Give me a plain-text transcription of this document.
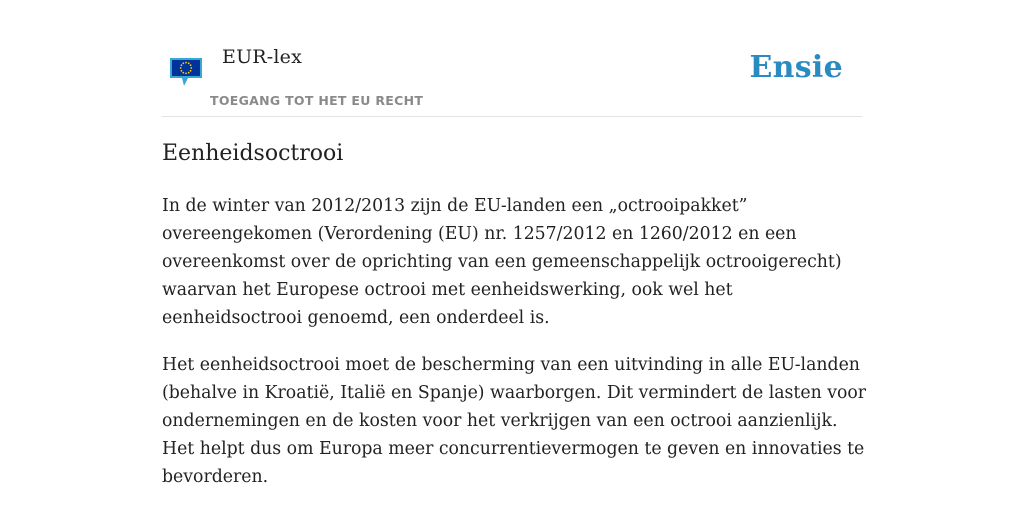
EUR-lex
TOEGANG TOT HET EU RECHT
Ensie
Eenheidsoctrooi

In de winter van 2012/2013 zijn de EU-landen een „octrooipakket” overeengekomen (Verordening (EU) nr. 1257/2012 en 1260/2012 en een overeenkomst over de oprichting van een gemeenschappelijk octrooigerecht) waarvan het Europese octrooi met eenheidswerking, ook wel het eenheidsoctrooi genoemd, een onderdeel is.

Het eenheidsoctrooi moet de bescherming van een uitvinding in alle EU-landen (behalve in Kroatië, Italië en Spanje) waarborgen. Dit vermindert de lasten voor ondernemingen en de kosten voor het verkrijgen van een octrooi aanzienlijk. Het helpt dus om Europa meer concurrentievermogen te geven en innovaties te bevorderen.
